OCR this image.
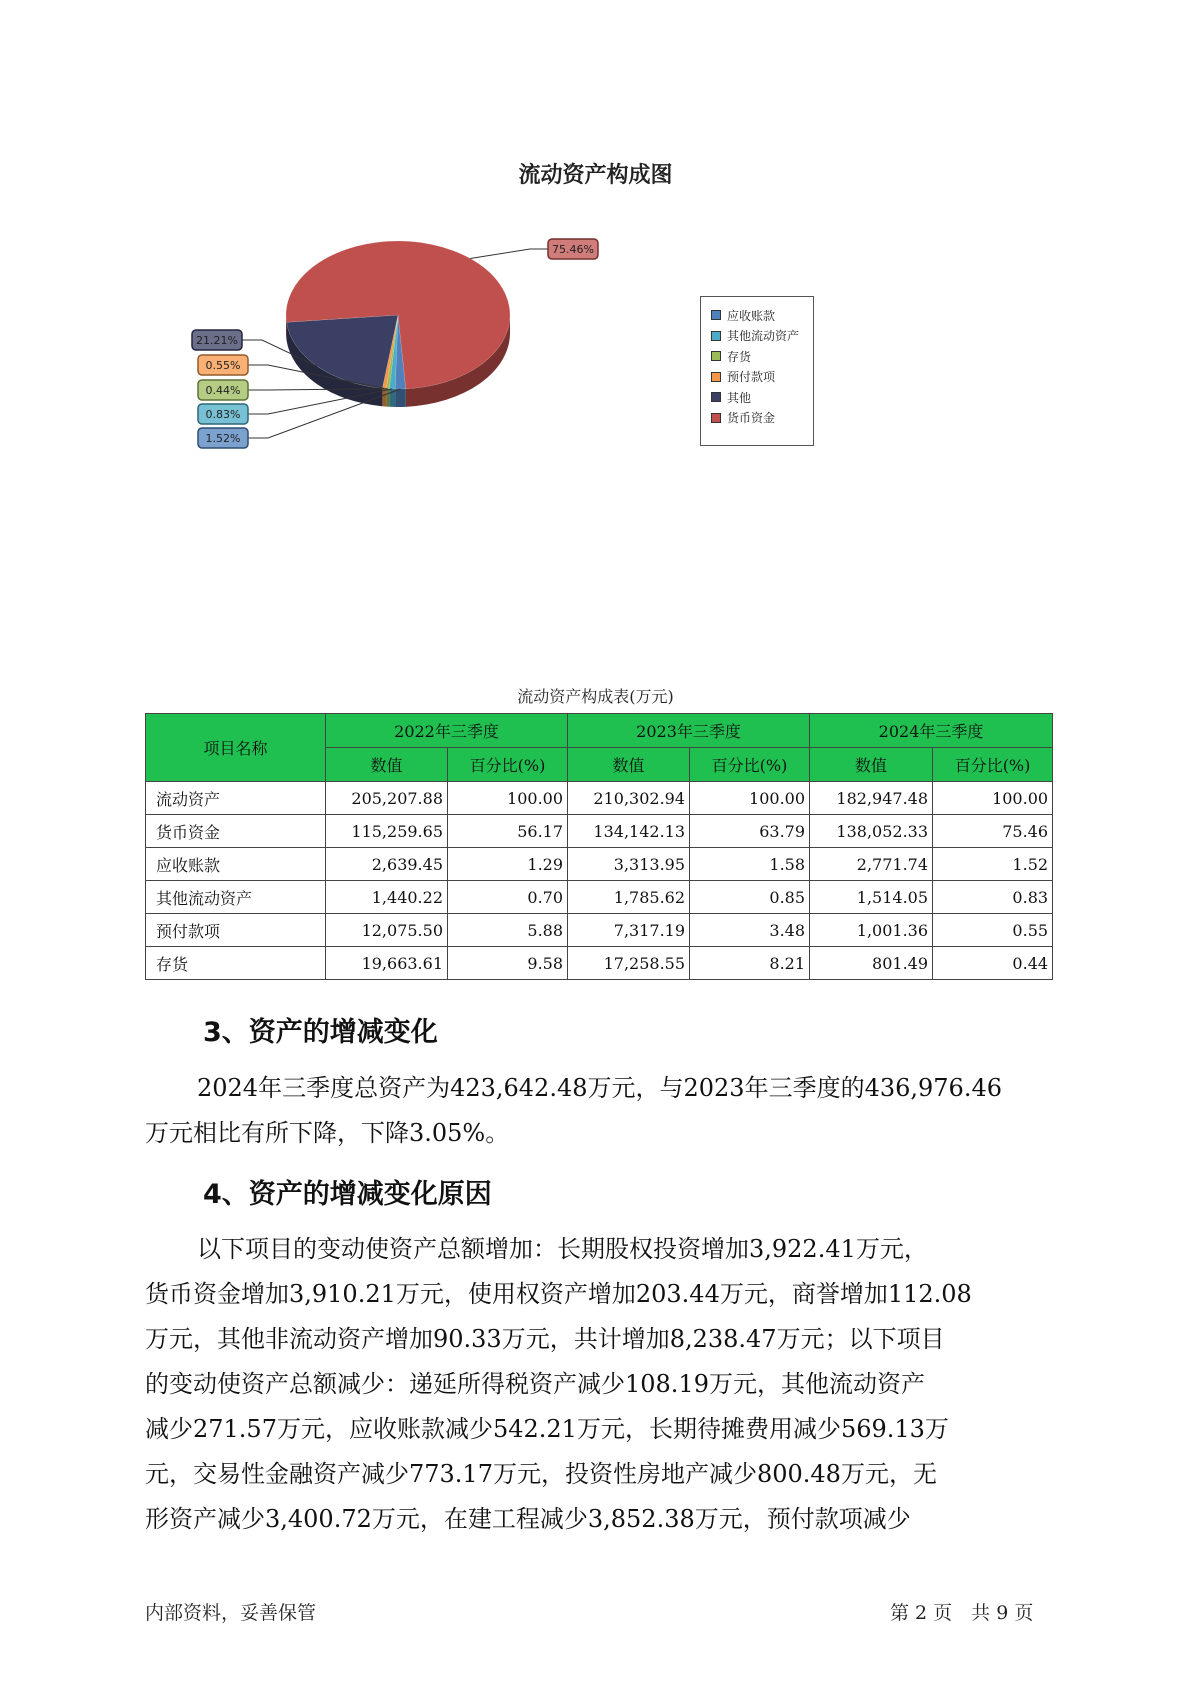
流动资产构成图
1.52%
0.83%
0.44%
0.55%
21.21%
75.46%
应收账款
其他流动资产
存货
预付款项
其他
货币资金
流动资产构成表(万元)
项目名称	2022年三季度		2023年三季度		2024年三季度	
	数值	百分比(%)	数值	百分比(%)	数值	百分比(%)
流动资产	205,207.88	100.00	210,302.94	100.00	182,947.48	100.00
货币资金	115,259.65	56.17	134,142.13	63.79	138,052.33	75.46
应收账款	2,639.45	1.29	3,313.95	1.58	2,771.74	1.52
其他流动资产	1,440.22	0.70	1,785.62	0.85	1,514.05	0.83
预付款项	12,075.50	5.88	7,317.19	3.48	1,001.36	0.55
存货	19,663.61	9.58	17,258.55	8.21	801.49	0.44
3、资产的增减变化
2024年三季度总资产为423,642.48万元，与2023年三季度的436,976.46
万元相比有所下降，下降3.05%。
4、资产的增减变化原因
以下项目的变动使资产总额增加：长期股权投资增加3,922.41万元，
货币资金增加3,910.21万元，使用权资产增加203.44万元，商誉增加112.08
万元，其他非流动资产增加90.33万元，共计增加8,238.47万元；以下项目
的变动使资产总额减少：递延所得税资产减少108.19万元，其他流动资产
减少271.57万元，应收账款减少542.21万元，长期待摊费用减少569.13万
元，交易性金融资产减少773.17万元，投资性房地产减少800.48万元，无
形资产减少3,400.72万元，在建工程减少3,852.38万元，预付款项减少
内部资料，妥善保管	第 2 页　共 9 页
